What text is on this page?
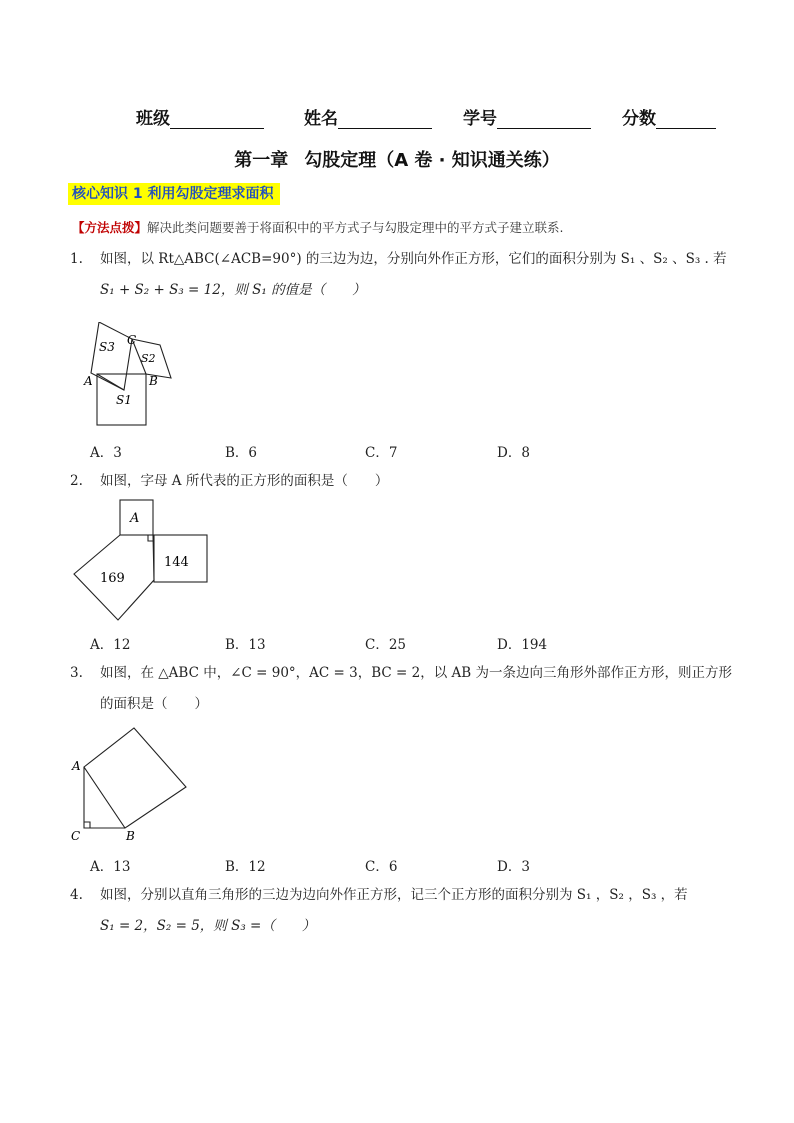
班级	姓名	学号	分数
第一章 勾股定理（A 卷 · 知识通关练）
核心知识 1 利用勾股定理求面积
【方法点拨】解决此类问题要善于将面积中的平方式子与勾股定理中的平方式子建立联系.
1. 如图，以 Rt△ABC(∠ACB=90°) 的三边为边，分别向外作正方形，它们的面积分别为 S₁ 、S₂ 、S₃ . 若
S₁ + S₂ + S₃ = 12，则 S₁ 的值是（　　）
S3
S2
S1
A	B
C
A．3	B．6	C．7	D．8
2. 如图，字母 A 所代表的正方形的面积是（　　）
A
169
144
A．12	B．13	C．25	D．194
3. 如图，在 △ABC 中，∠C = 90°，AC = 3，BC = 2，以 AB 为一条边向三角形外部作正方形，则正方形
的面积是（　　）
A
C	B
A．13	B．12	C．6	D．3
4. 如图，分别以直角三角形的三边为边向外作正方形，记三个正方形的面积分别为 S₁ ，S₂ ，S₃ ，若
S₁ = 2，S₂ = 5，则 S₃ =（　　）
